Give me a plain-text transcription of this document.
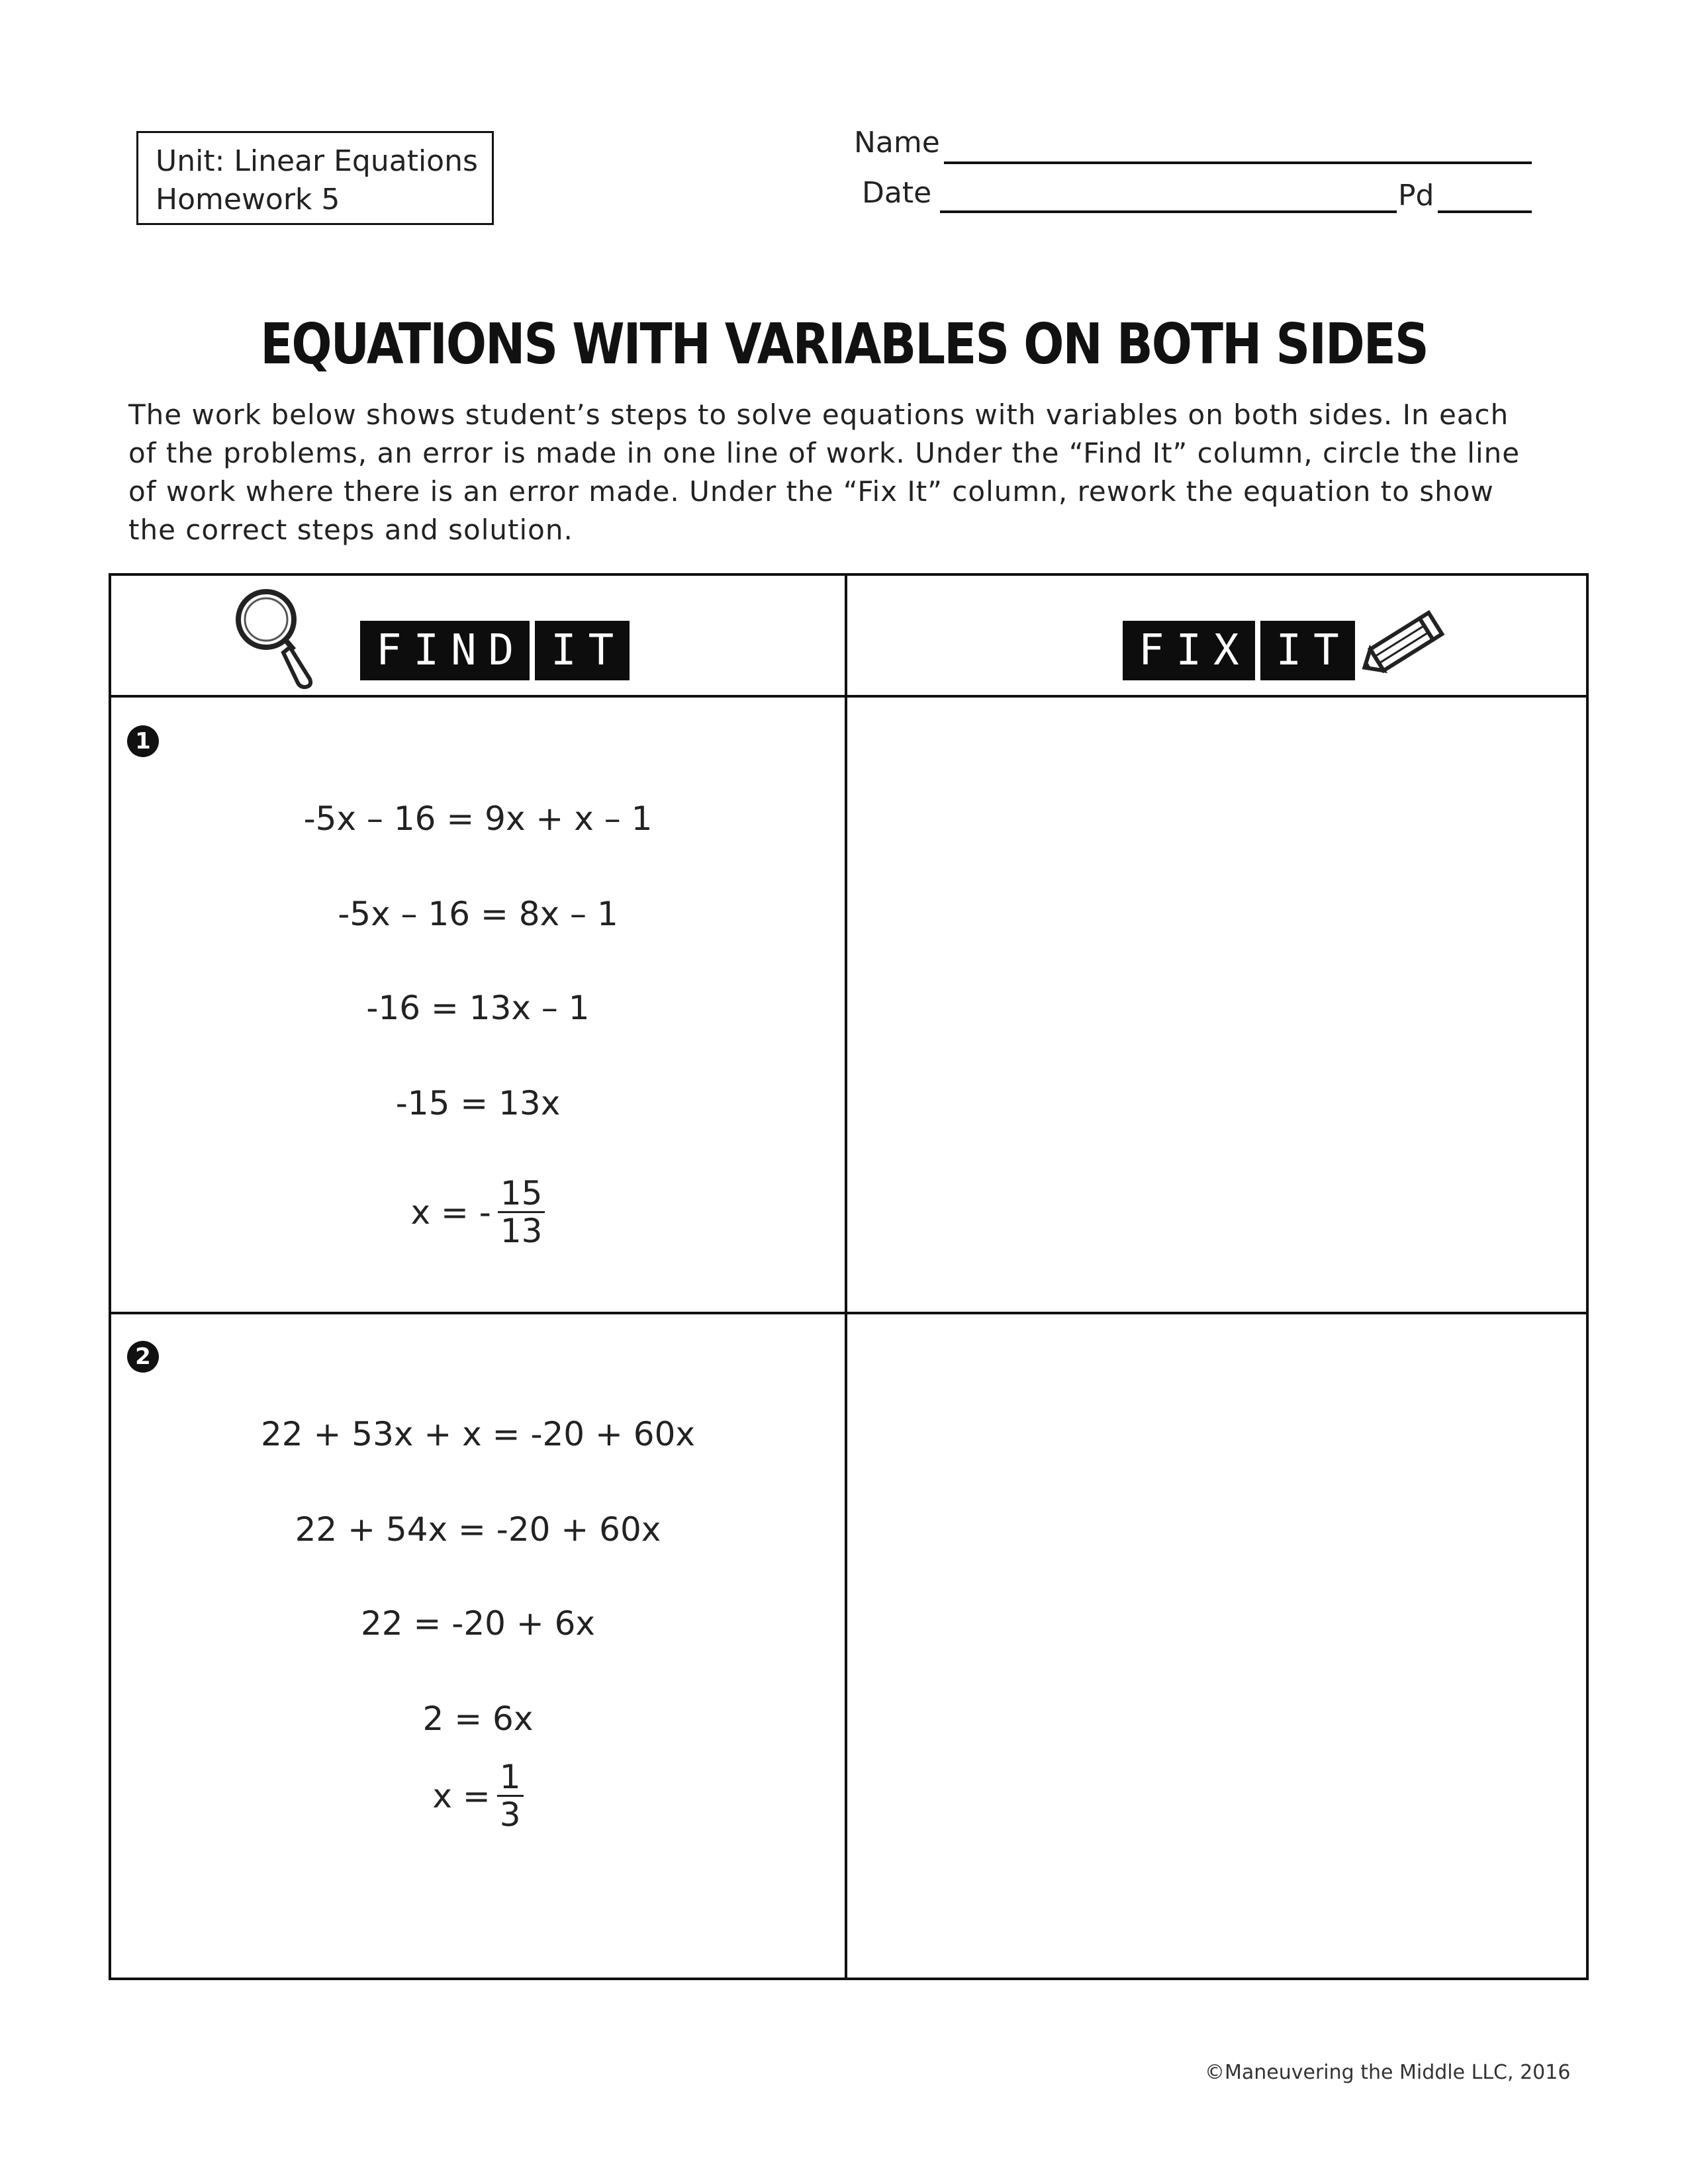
Unit: Linear Equations
Homework 5
Name
Date	Pd
EQUATIONS WITH VARIABLES ON BOTH SIDES
The work below shows student’s steps to solve equations with variables on both sides. In each of the problems, an error is made in one line of work. Under the “Find It” column, circle the line of work where there is an error made. Under the “Fix It” column, rework the equation to show the correct steps and solution.
FIND IT	FIX IT
1
-5x – 16 = 9x + x – 1
-5x – 16 = 8x – 1
-16 = 13x – 1
-15 = 13x
x = - $\frac{15}{13}$
2
22 + 53x + x = -20 + 60x
22 + 54x = -20 + 60x
22 = -20 + 6x
2 = 6x
$x = \frac{1}{3}$
©Maneuvering the Middle LLC, 2016
